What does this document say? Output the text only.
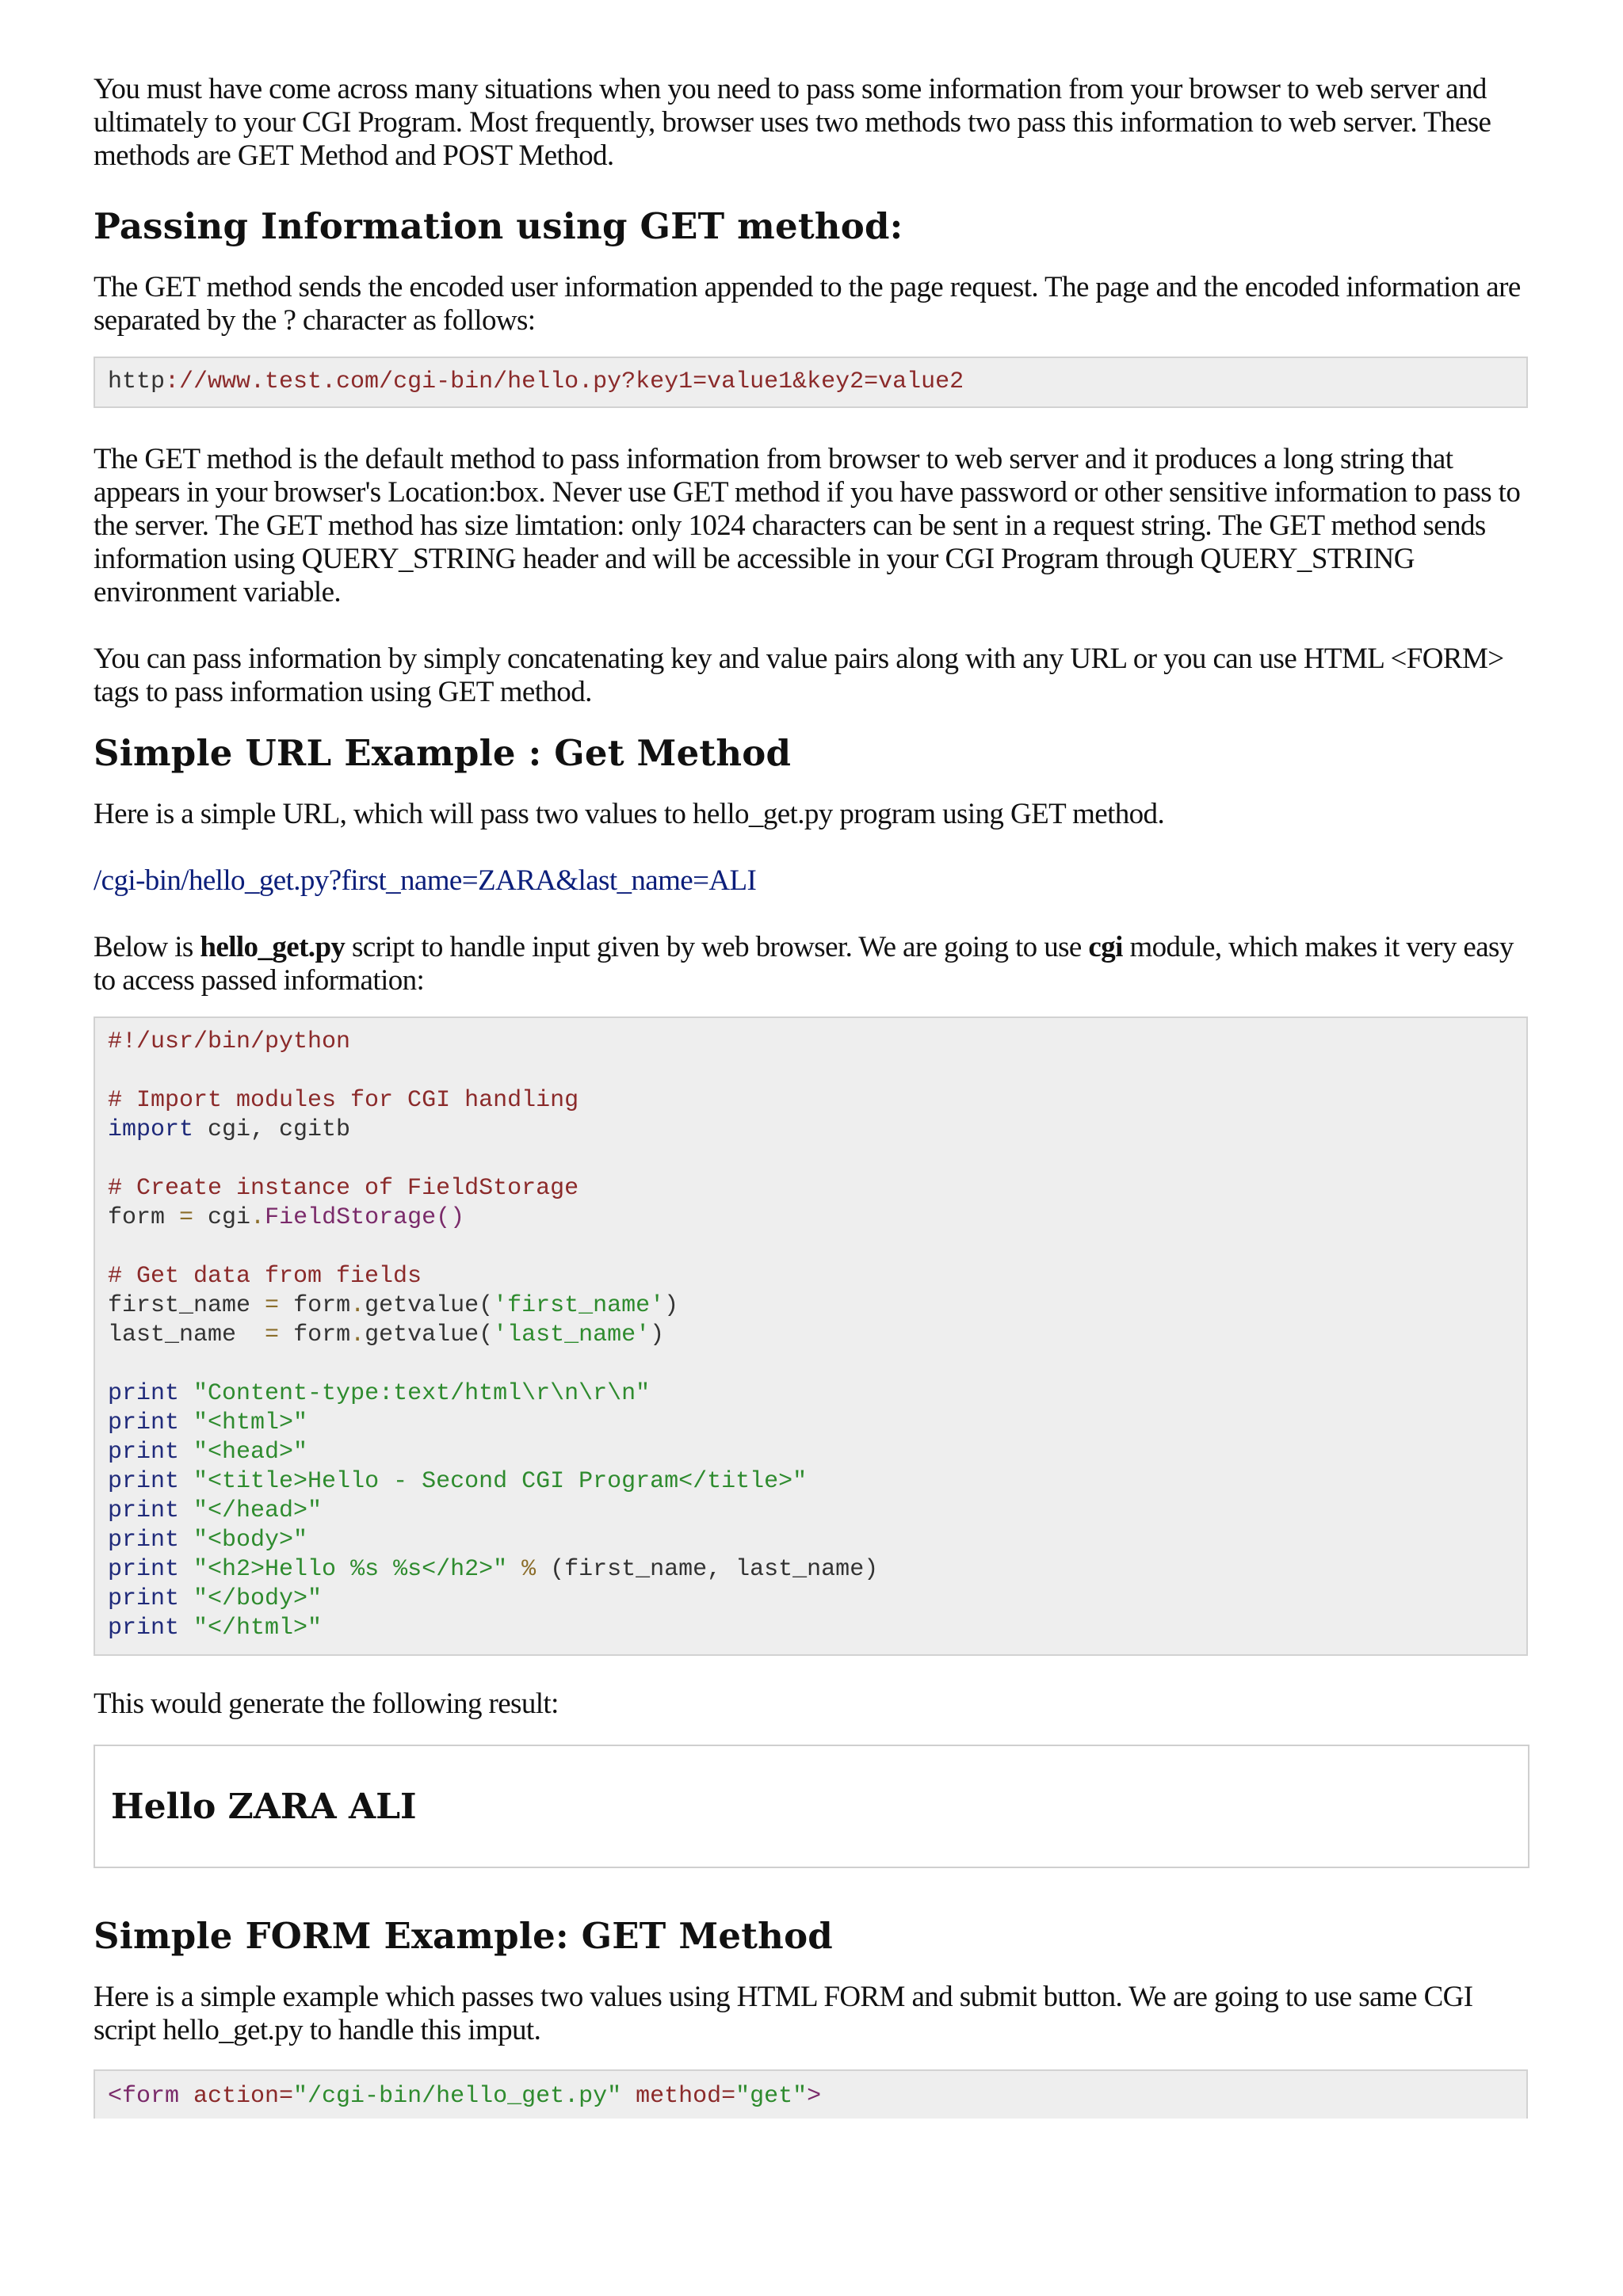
You must have come across many situations when you need to pass some information from your browser to web server and ultimately to your CGI Program. Most frequently, browser uses two methods two pass this information to web server. These methods are GET Method and POST Method.

Passing Information using GET method:

The GET method sends the encoded user information appended to the page request. The page and the encoded information are separated by the ? character as follows:

http://www.test.com/cgi-bin/hello.py?key1=value1&key2=value2

The GET method is the default method to pass information from browser to web server and it produces a long string that appears in your browser's Location:box. Never use GET method if you have password or other sensitive information to pass to the server. The GET method has size limtation: only 1024 characters can be sent in a request string. The GET method sends information using QUERY_STRING header and will be accessible in your CGI Program through QUERY_STRING environment variable.

You can pass information by simply concatenating key and value pairs along with any URL or you can use HTML <FORM> tags to pass information using GET method.

Simple URL Example : Get Method

Here is a simple URL, which will pass two values to hello_get.py program using GET method.

/cgi-bin/hello_get.py?first_name=ZARA&last_name=ALI

Below is hello_get.py script to handle input given by web browser. We are going to use cgi module, which makes it very easy to access passed information:

#!/usr/bin/python
# Import modules for CGI handling
import cgi, cgitb
# Create instance of FieldStorage
form = cgi.FieldStorage()
# Get data from fields
first_name = form.getvalue('first_name')
last_name  = form.getvalue('last_name')
print "Content-type:text/html\r\n\r\n"
print "<html>"
print "<head>"
print "<title>Hello - Second CGI Program</title>"
print "</head>"
print "<body>"
print "<h2>Hello %s %s</h2>" % (first_name, last_name)
print "</body>"
print "</html>"

This would generate the following result:

Hello ZARA ALI
Simple FORM Example: GET Method

Here is a simple example which passes two values using HTML FORM and submit button. We are going to use same CGI script hello_get.py to handle this imput.

<form action="/cgi-bin/hello_get.py" method="get">
